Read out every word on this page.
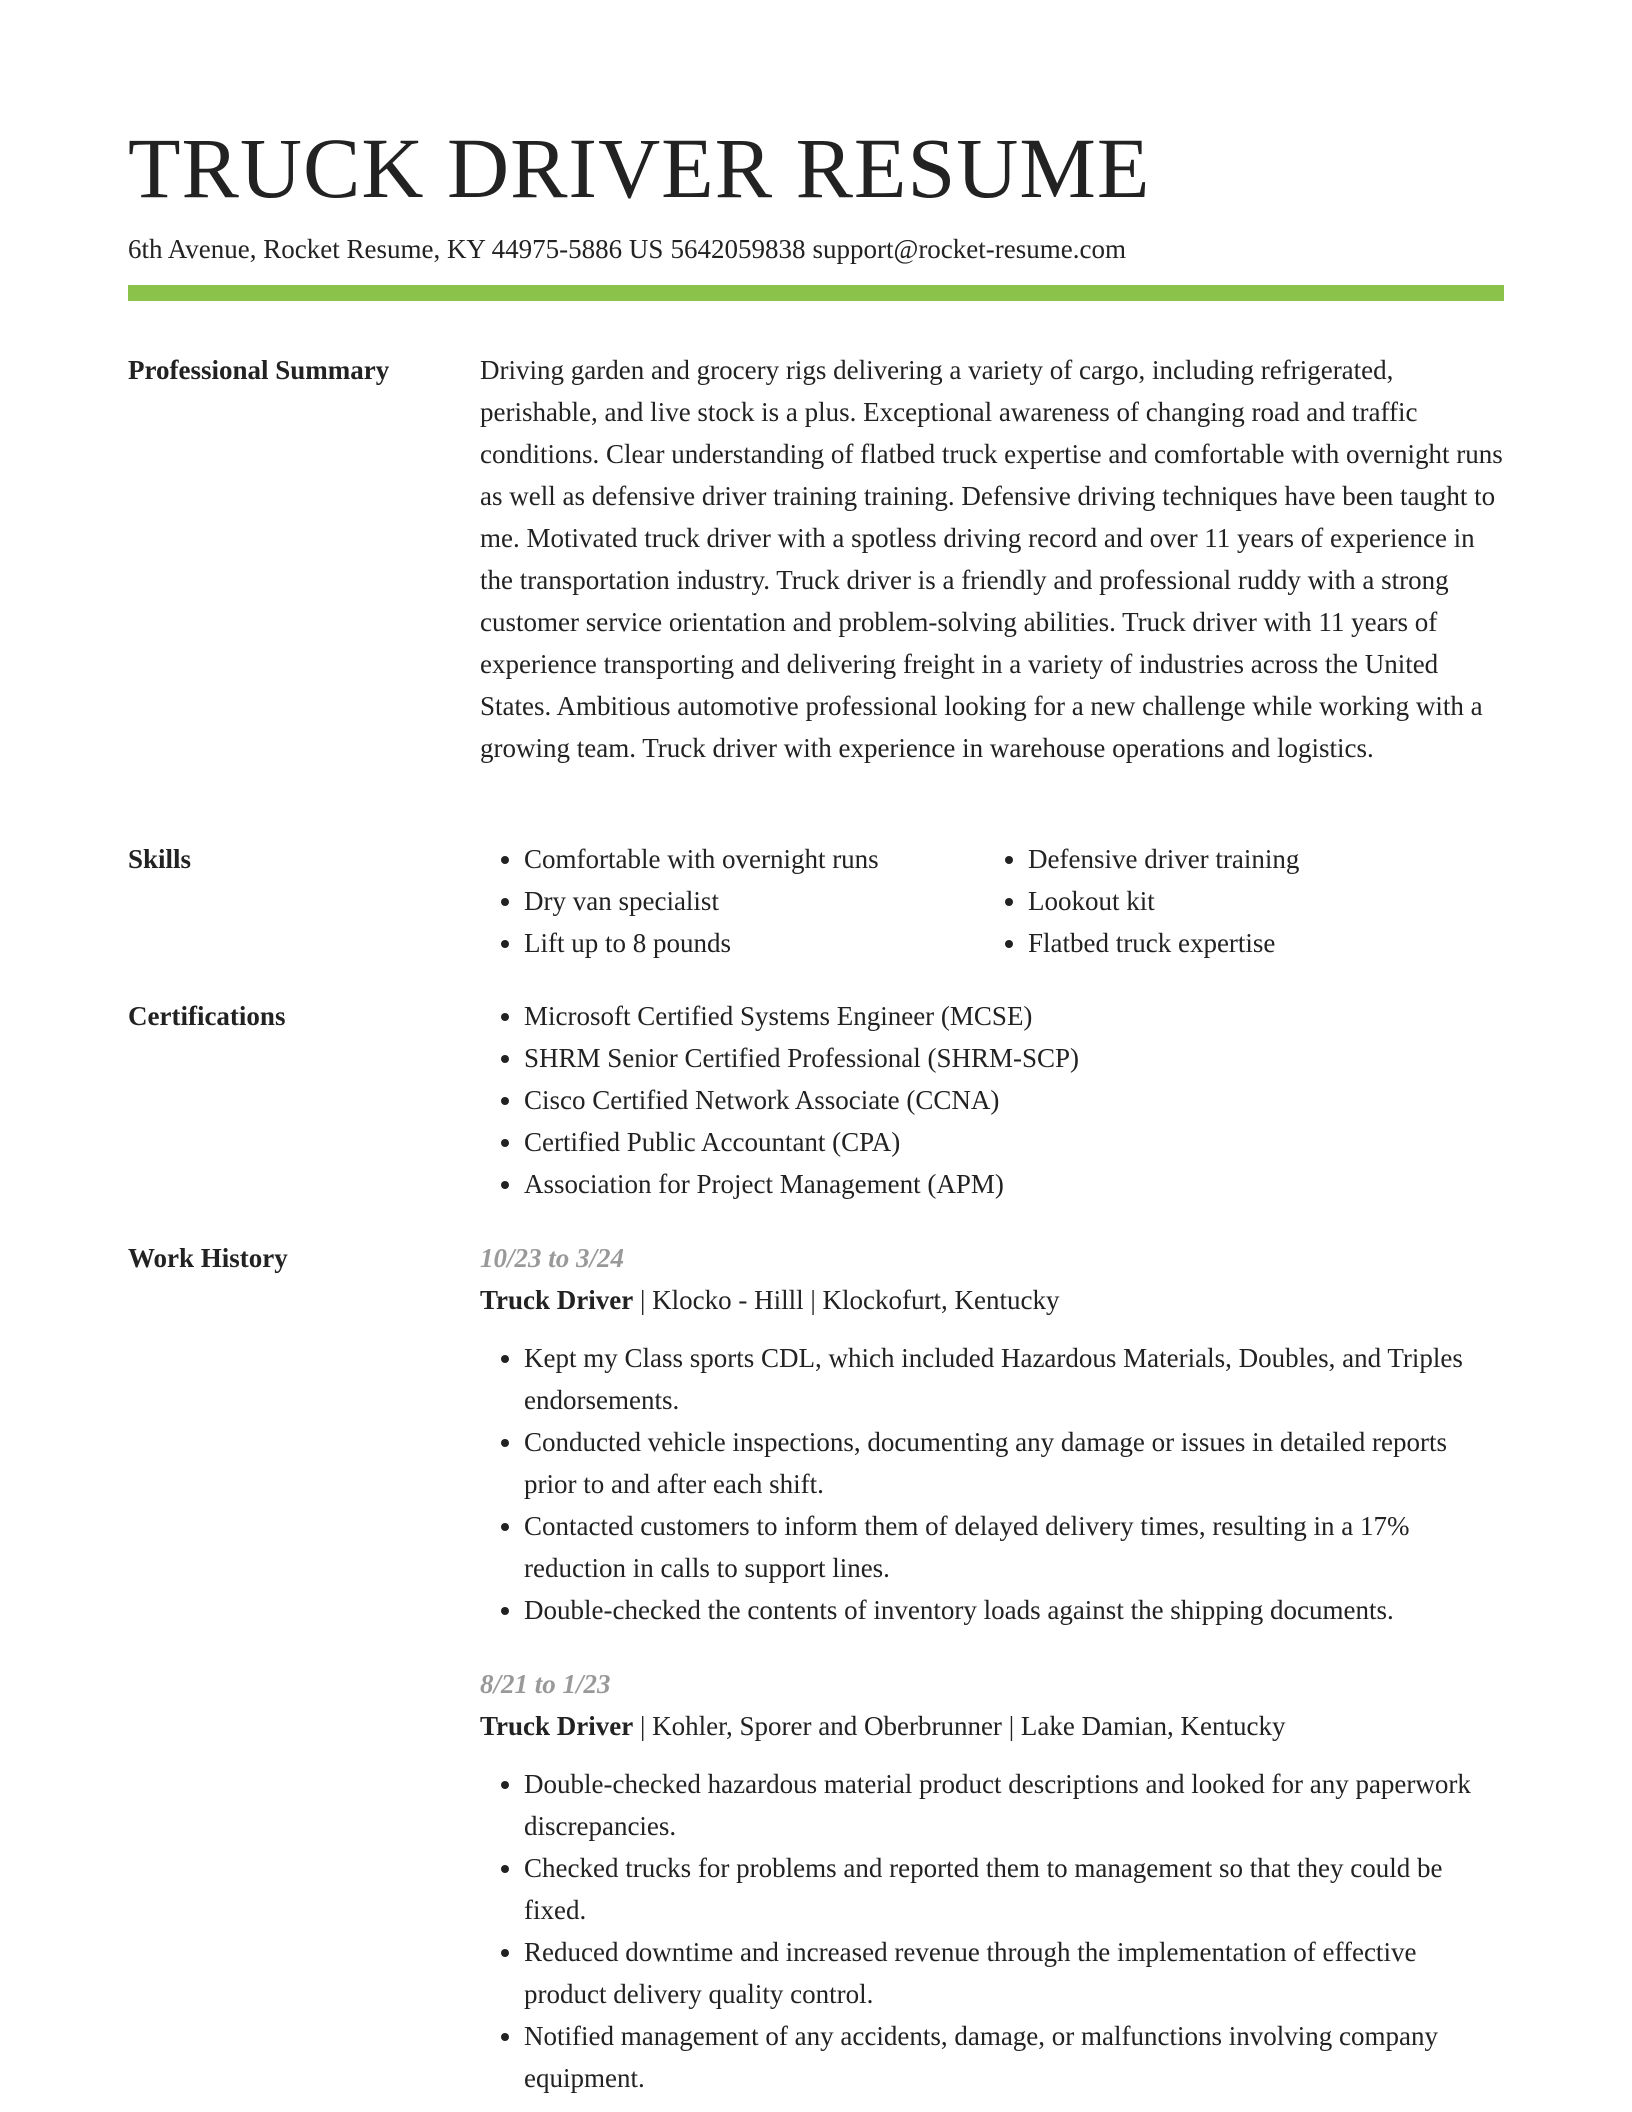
TRUCK DRIVER RESUME
6th Avenue, Rocket Resume, KY 44975-5886 US 5642059838 support@rocket-resume.com
Professional Summary	Driving garden and grocery rigs delivering a variety of cargo, including refrigerated, perishable, and live stock is a plus. Exceptional awareness of changing road and traffic conditions. Clear understanding of flatbed truck expertise and comfortable with overnight runs as well as defensive driver training training. Defensive driving techniques have been taught to me. Motivated truck driver with a spotless driving record and over 11 years of experience in the transportation industry. Truck driver is a friendly and professional ruddy with a strong customer service orientation and problem-solving abilities. Truck driver with 11 years of experience transporting and delivering freight in a variety of industries across the United States. Ambitious automotive professional looking for a new challenge while working with a growing team. Truck driver with experience in warehouse operations and logistics.

Skills	• Comfortable with overnight runs
• Dry van specialist
• Lift up to 8 pounds
• Defensive driver training
• Lookout kit
• Flatbed truck expertise
Certifications	• Microsoft Certified Systems Engineer (MCSE)
• SHRM Senior Certified Professional (SHRM-SCP)
• Cisco Certified Network Associate (CCNA)
• Certified Public Accountant (CPA)
• Association for Project Management (APM)
Work History	10/23 to 3/24
Truck Driver | Klocko - Hilll | Klockofurt, Kentucky
• Kept my Class sports CDL, which included Hazardous Materials, Doubles, and Triples endorsements.
• Conducted vehicle inspections, documenting any damage or issues in detailed reports prior to and after each shift.
• Contacted customers to inform them of delayed delivery times, resulting in a 17% reduction in calls to support lines.
• Double-checked the contents of inventory loads against the shipping documents.
8/21 to 1/23
Truck Driver | Kohler, Sporer and Oberbrunner | Lake Damian, Kentucky
• Double-checked hazardous material product descriptions and looked for any paperwork discrepancies.
• Checked trucks for problems and reported them to management so that they could be fixed.
• Reduced downtime and increased revenue through the implementation of effective product delivery quality control.
• Notified management of any accidents, damage, or malfunctions involving company equipment.
